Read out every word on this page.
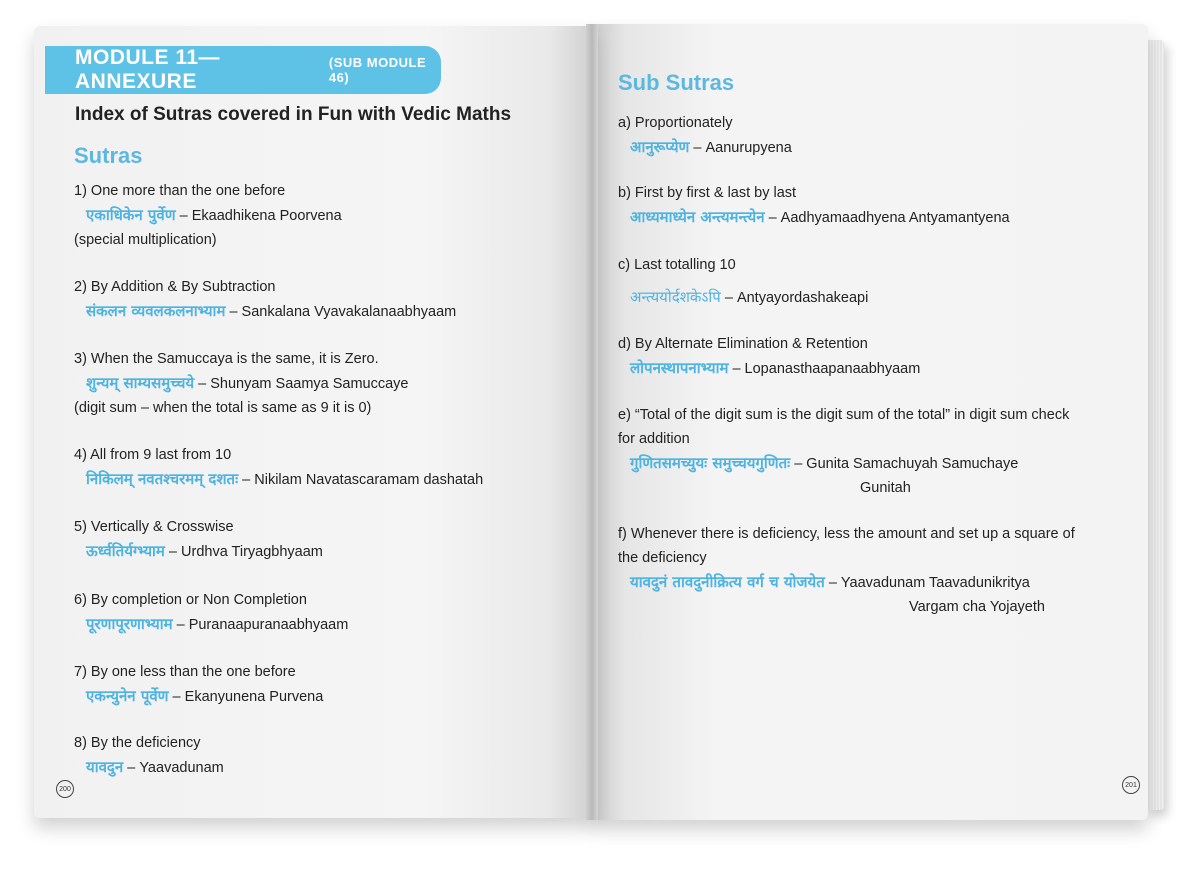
MODULE 11—ANNEXURE
(SUB MODULE 46)
Index of Sutras covered in Fun with Vedic Maths
Sutras
1) One more than the one before
एकाधिकेन पुर्वेण – Ekaadhikena Poorvena
(special multiplication)
2) By Addition & By Subtraction
संकलन व्यवलकलनाभ्याम – Sankalana Vyavakalanaabhyaam
3) When the Samuccaya is the same, it is Zero.
शुन्यम् साम्यसमुच्चये – Shunyam Saamya Samuccaye
(digit sum – when the total is same as 9 it is 0)
4) All from 9 last from 10
निकिलम् नवतश्चरमम् दशतः – Nikilam Navatascaramam dashatah
5) Vertically & Crosswise
ऊर्ध्वतिर्यग्भ्याम – Urdhva Tiryagbhyaam
6) By completion or Non Completion
पूरणापूरणाभ्याम – Puranaapuranaabhyaam
7) By one less than the one before
एकन्युनेन पूर्वेण – Ekanyunena Purvena
8) By the deficiency
यावदुन – Yaavadunam
200
Sub Sutras
a) Proportionately
आनुरूप्येण – Aanurupyena
b) First by first & last by last
आध्यमाध्येन अन्त्यमन्त्येन – Aadhyamaadhyena Antyamantyena
c) Last totalling 10
अन्त्ययोर्दशकेऽपि – Antyayordashakeapi
d) By Alternate Elimination & Retention
लोपनस्थापनाभ्याम – Lopanasthaapanaabhyaam
e) “Total of the digit sum is the digit sum of the total” in digit sum check
for addition
गुणितसमच्युयः समुच्चयगुणितः – Gunita Samachuyah Samuchaye
Gunitah
f) Whenever there is deficiency, less the amount and set up a square of
the deficiency
यावदुनं तावदुनीक्रित्य वर्ग च योजयेत – Yaavadunam Taavadunikritya
Vargam cha Yojayeth
201
